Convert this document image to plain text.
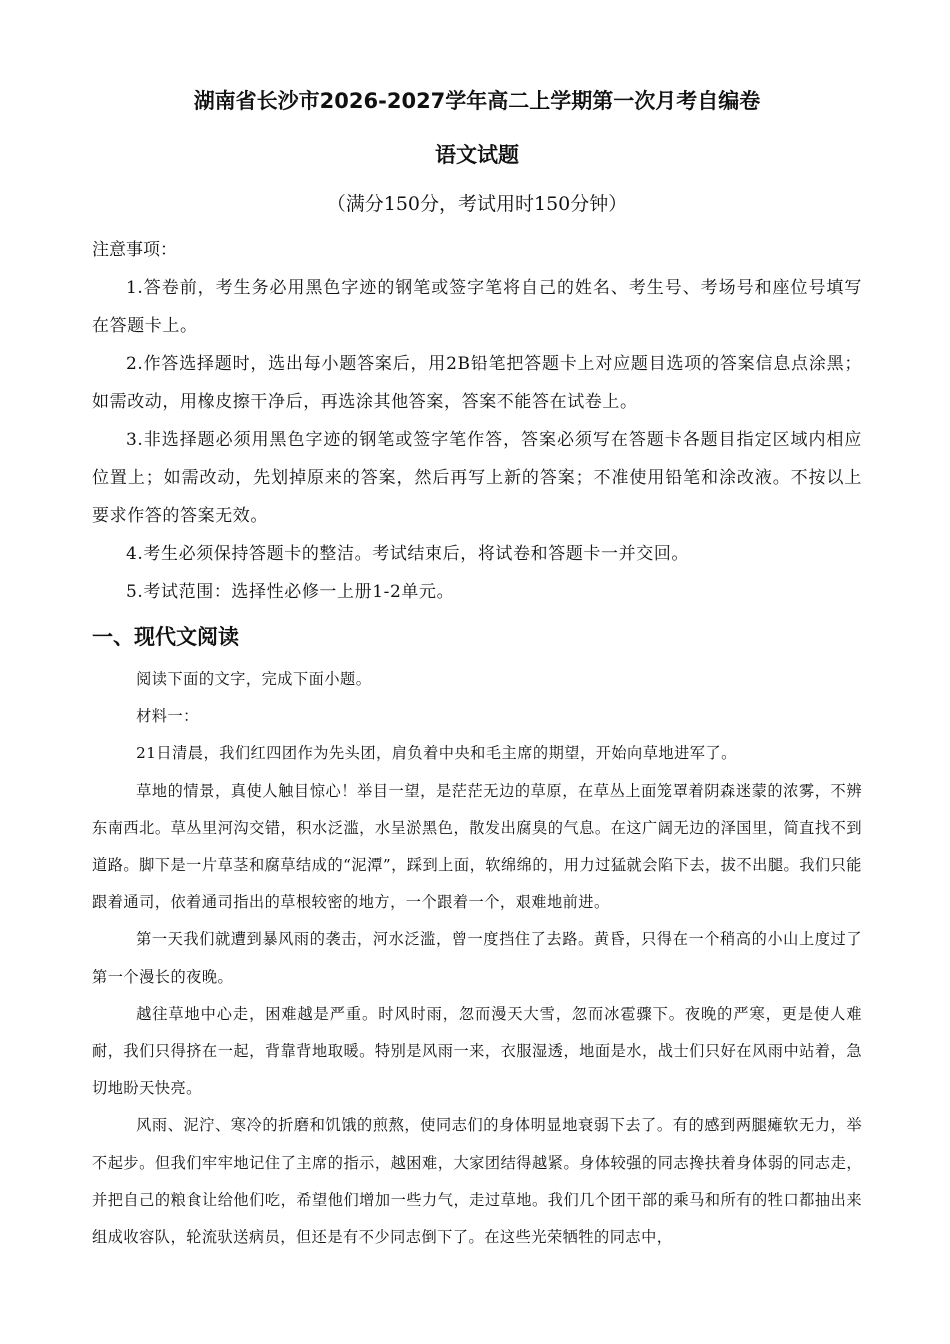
湖南省长沙市2026-2027学年高二上学期第一次月考自编卷
语文试题

（满分150分，考试用时150分钟）

注意事项：

1.答卷前，考生务必用黑色字迹的钢笔或签字笔将自己的姓名、考生号、考场号和座位号填写在答题卡上。

2.作答选择题时，选出每小题答案后，用2B铅笔把答题卡上对应题目选项的答案信息点涂黑；如需改动，用橡皮擦干净后，再选涂其他答案，答案不能答在试卷上。

3.非选择题必须用黑色字迹的钢笔或签字笔作答，答案必须写在答题卡各题目指定区域内相应位置上；如需改动，先划掉原来的答案，然后再写上新的答案；不准使用铅笔和涂改液。不按以上要求作答的答案无效。

4.考生必须保持答题卡的整洁。考试结束后，将试卷和答题卡一并交回。

5.考试范围：选择性必修一上册1-2单元。

一、现代文阅读

阅读下面的文字，完成下面小题。

材料一：

21日清晨，我们红四团作为先头团，肩负着中央和毛主席的期望，开始向草地进军了。

草地的情景，真使人触目惊心！举目一望，是茫茫无边的草原，在草丛上面笼罩着阴森迷蒙的浓雾，不辨东南西北。草丛里河沟交错，积水泛滥，水呈淤黑色，散发出腐臭的气息。在这广阔无边的泽国里，简直找不到道路。脚下是一片草茎和腐草结成的“泥潭”，踩到上面，软绵绵的，用力过猛就会陷下去，拔不出腿。我们只能跟着通司，依着通司指出的草根较密的地方，一个跟着一个，艰难地前进。

第一天我们就遭到暴风雨的袭击，河水泛滥，曾一度挡住了去路。黄昏，只得在一个稍高的小山上度过了第一个漫长的夜晚。

越往草地中心走，困难越是严重。时风时雨，忽而漫天大雪，忽而冰雹骤下。夜晚的严寒，更是使人难耐，我们只得挤在一起，背靠背地取暖。特别是风雨一来，衣服湿透，地面是水，战士们只好在风雨中站着，急切地盼天快亮。

风雨、泥泞、寒冷的折磨和饥饿的煎熬，使同志们的身体明显地衰弱下去了。有的感到两腿瘫软无力，举不起步。但我们牢牢地记住了主席的指示，越困难，大家团结得越紧。身体较强的同志搀扶着身体弱的同志走，并把自己的粮食让给他们吃，希望他们增加一些力气，走过草地。我们几个团干部的乘马和所有的牲口都抽出来组成收容队，轮流驮送病员，但还是有不少同志倒下了。在这些光荣牺牲的同志中，
